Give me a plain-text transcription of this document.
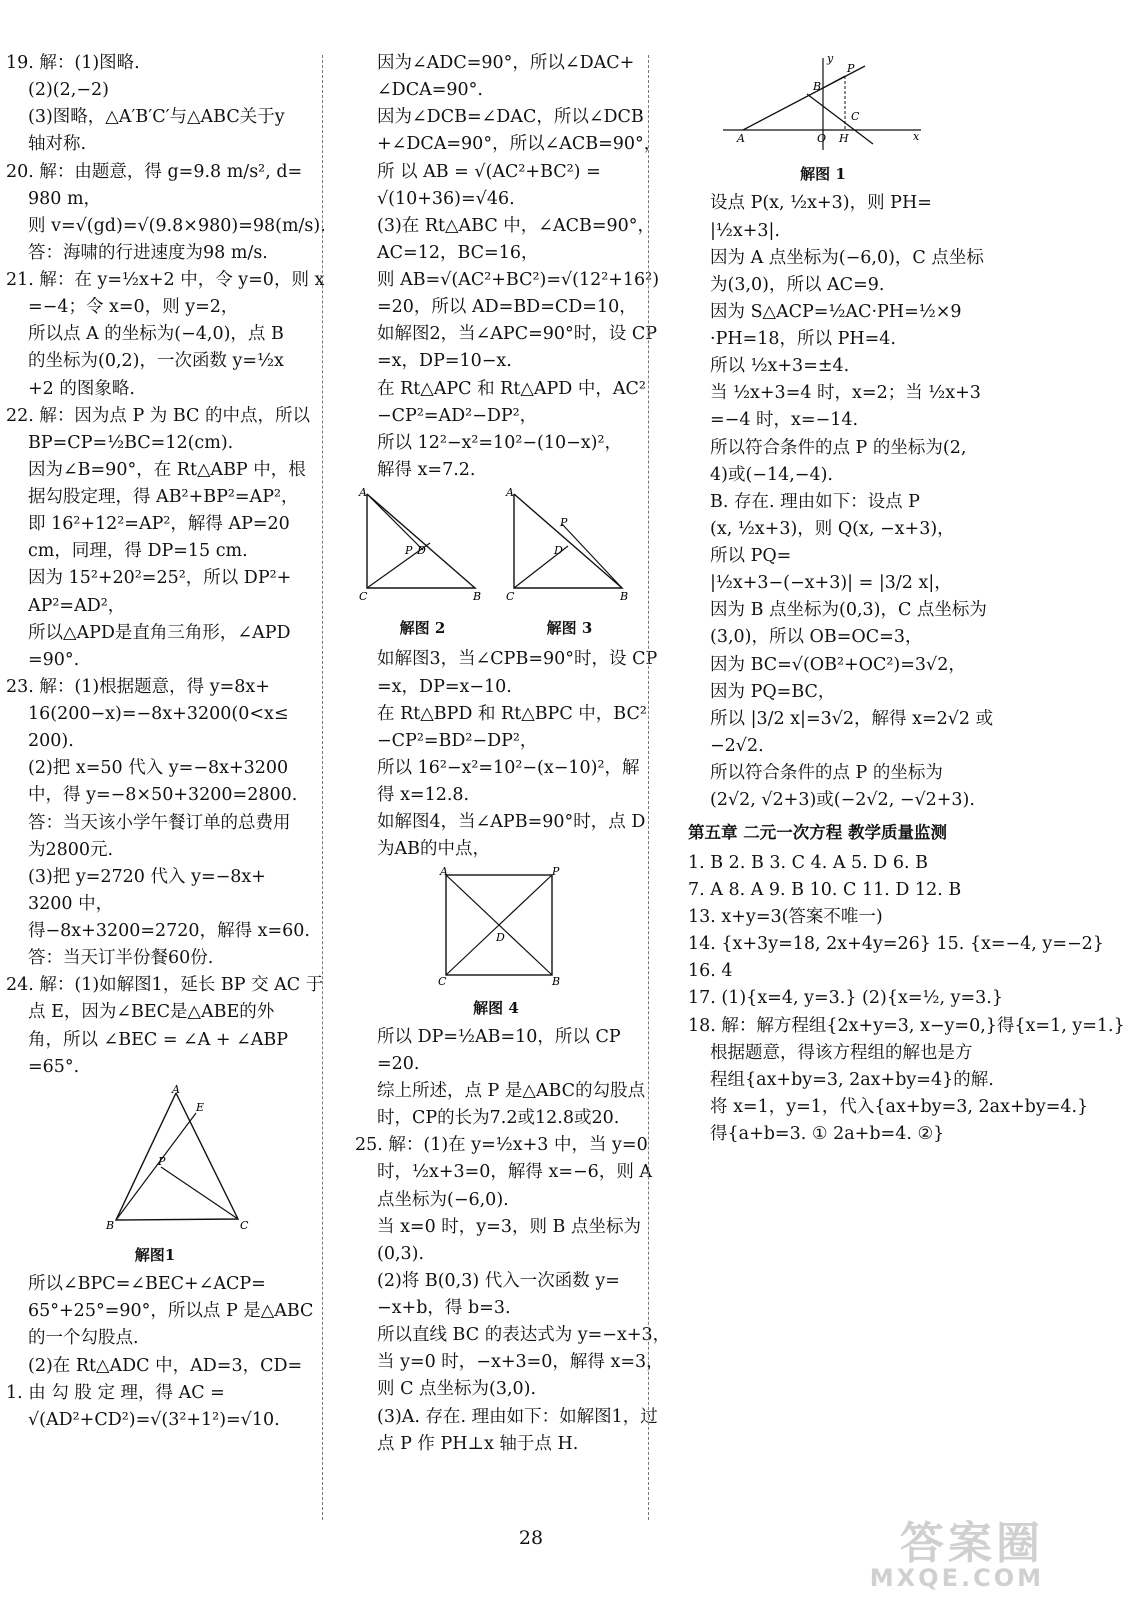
19. 解：(1)图略.
(2)(2,−2)
(3)图略，△A′B′C′与△ABC关于y
轴对称.
20. 解：由题意，得 g=9.8 m/s², d=
980 m，
则 v=√(gd)=√(9.8×980)=98(m/s).
答：海啸的行进速度为98 m/s.
21. 解：在 y=½x+2 中，令 y=0，则 x
=−4；令 x=0，则 y=2，
所以点 A 的坐标为(−4,0)，点 B
的坐标为(0,2)，一次函数 y=½x
+2 的图象略.
22. 解：因为点 P 为 BC 的中点，所以
BP=CP=½BC=12(cm).
因为∠B=90°，在 Rt△ABP 中，根
据勾股定理，得 AB²+BP²=AP²，
即 16²+12²=AP²，解得 AP=20
cm，同理，得 DP=15 cm.
因为 15²+20²=25²，所以 DP²+
AP²=AD²，
所以△APD是直角三角形，∠APD
=90°.
23. 解：(1)根据题意，得 y=8x+
16(200−x)=−8x+3200(0<x≤
200).
(2)把 x=50 代入 y=−8x+3200
中，得 y=−8×50+3200=2800.
答：当天该小学午餐订单的总费用
为2800元.
(3)把 y=2720 代入 y=−8x+
3200 中，
得−8x+3200=2720，解得 x=60.
答：当天订半份餐60份.
24. 解：(1)如解图1，延长 BP 交 AC 于
点 E，因为∠BEC是△ABE的外
角，所以 ∠BEC = ∠A + ∠ABP
=65°.
A
E
P
B	C
解图1
所以∠BPC=∠BEC+∠ACP=
65°+25°=90°，所以点 P 是△ABC
的一个勾股点.
(2)在 Rt△ADC 中，AD=3，CD=
1. 由 勾 股 定 理，得 AC =
√(AD²+CD²)=√(3²+1²)=√10.
因为∠ADC=90°，所以∠DAC+
∠DCA=90°.
因为∠DCB=∠DAC，所以∠DCB
+∠DCA=90°，所以∠ACB=90°，
所 以 AB = √(AC²+BC²) =
√(10+36)=√46.
(3)在 Rt△ABC 中，∠ACB=90°，
AC=12，BC=16，
则 AB=√(AC²+BC²)=√(12²+16²)
=20，所以 AD=BD=CD=10，
如解图2，当∠APC=90°时，设 CP
=x，DP=10−x.
在 Rt△APC 和 Rt△APD 中，AC²
−CP²=AD²−DP²，
所以 12²−x²=10²−(10−x)²，
解得 x=7.2.
A
P D
C	B
解图 2
A
P
D
C	B
解图 3
如解图3，当∠CPB=90°时，设 CP
=x，DP=x−10.
在 Rt△BPD 和 Rt△BPC 中，BC²
−CP²=BD²−DP²，
所以 16²−x²=10²−(x−10)²，解
得 x=12.8.
如解图4，当∠APB=90°时，点 D
为AB的中点，
A	P
D
C	B
解图 4
所以 DP=½AB=10，所以 CP
=20.
综上所述，点 P 是△ABC的勾股点
时，CP的长为7.2或12.8或20.
25. 解：(1)在 y=½x+3 中，当 y=0
时，½x+3=0，解得 x=−6，则 A
点坐标为(−6,0).
当 x=0 时，y=3，则 B 点坐标为
(0,3).
(2)将 B(0,3) 代入一次函数 y=
−x+b，得 b=3.
所以直线 BC 的表达式为 y=−x+3，
当 y=0 时，−x+3=0，解得 x=3，
则 C 点坐标为(3,0).
(3)A. 存在. 理由如下：如解图1，过
点 P 作 PH⊥x 轴于点 H.
A
B
P
C
O H
y
x
解图 1
设点 P(x, ½x+3)，则 PH=
|½x+3|.
因为 A 点坐标为(−6,0)，C 点坐标
为(3,0)，所以 AC=9.
因为 S△ACP=½AC·PH=½×9
·PH=18，所以 PH=4.
所以 ½x+3=±4.
当 ½x+3=4 时，x=2；当 ½x+3
=−4 时，x=−14.
所以符合条件的点 P 的坐标为(2,
4)或(−14,−4).
B. 存在. 理由如下：设点 P
(x, ½x+3)，则 Q(x, −x+3)，
所以 PQ=
|½x+3−(−x+3)| = |3/2 x|，
因为 B 点坐标为(0,3)，C 点坐标为
(3,0)，所以 OB=OC=3，
因为 BC=√(OB²+OC²)=3√2，
因为 PQ=BC，
所以 |3/2 x|=3√2，解得 x=2√2 或
−2√2.
所以符合条件的点 P 的坐标为
(2√2, √2+3)或(−2√2, −√2+3).
第五章 二元一次方程 教学质量监测
1. B 2. B 3. C 4. A 5. D 6. B
7. A 8. A 9. B 10. C 11. D 12. B
13. x+y=3(答案不唯一)
14. {x+3y=18, 2x+4y=26} 15. {x=−4, y=−2}
16. 4
17. (1){x=4, y=3.} (2){x=½, y=3.}
18. 解：解方程组{2x+y=3, x−y=0,}得{x=1, y=1.}
根据题意，得该方程组的解也是方
程组{ax+by=3, 2ax+by=4}的解.
将 x=1，y=1，代入{ax+by=3, 2ax+by=4.}
得{a+b=3. ① 2a+b=4. ②}
28	答案圈
MXQE.COM
